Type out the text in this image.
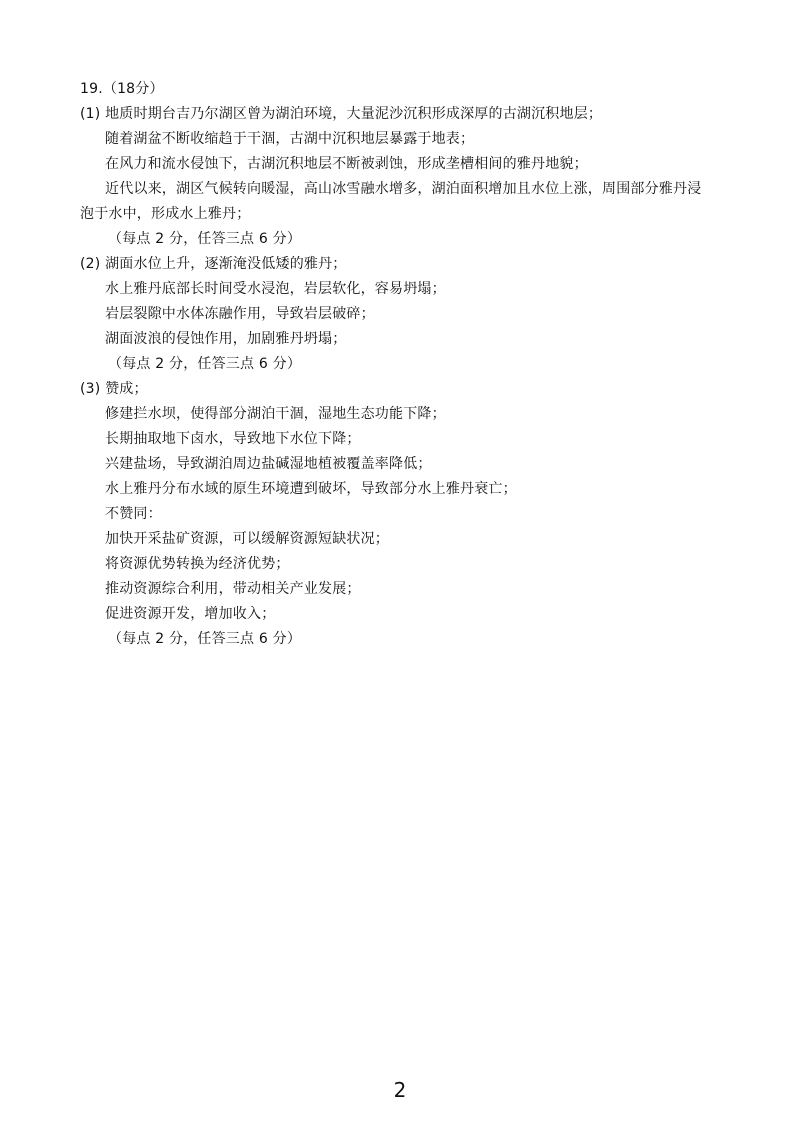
19.（18分）
(1) 地质时期台吉乃尔湖区曾为湖泊环境，大量泥沙沉积形成深厚的古湖沉积地层；
随着湖盆不断收缩趋于干涸，古湖中沉积地层暴露于地表；
在风力和流水侵蚀下，古湖沉积地层不断被剥蚀，形成垄槽相间的雅丹地貌；
近代以来，湖区气候转向暖湿，高山冰雪融水增多，湖泊面积增加且水位上涨，周围部分雅丹浸
泡于水中，形成水上雅丹；
（每点 2 分，任答三点 6 分）
(2) 湖面水位上升，逐渐淹没低矮的雅丹；
水上雅丹底部长时间受水浸泡，岩层软化，容易坍塌；
岩层裂隙中水体冻融作用，导致岩层破碎；
湖面波浪的侵蚀作用，加剧雅丹坍塌；
（每点 2 分，任答三点 6 分）
(3) 赞成；
修建拦水坝，使得部分湖泊干涸，湿地生态功能下降；
长期抽取地下卤水，导致地下水位下降；
兴建盐场，导致湖泊周边盐碱湿地植被覆盖率降低；
水上雅丹分布水域的原生环境遭到破坏，导致部分水上雅丹衰亡；
不赞同：
加快开采盐矿资源，可以缓解资源短缺状况；
将资源优势转换为经济优势；
推动资源综合利用，带动相关产业发展；
促进资源开发，增加收入；
（每点 2 分，任答三点 6 分）
2
